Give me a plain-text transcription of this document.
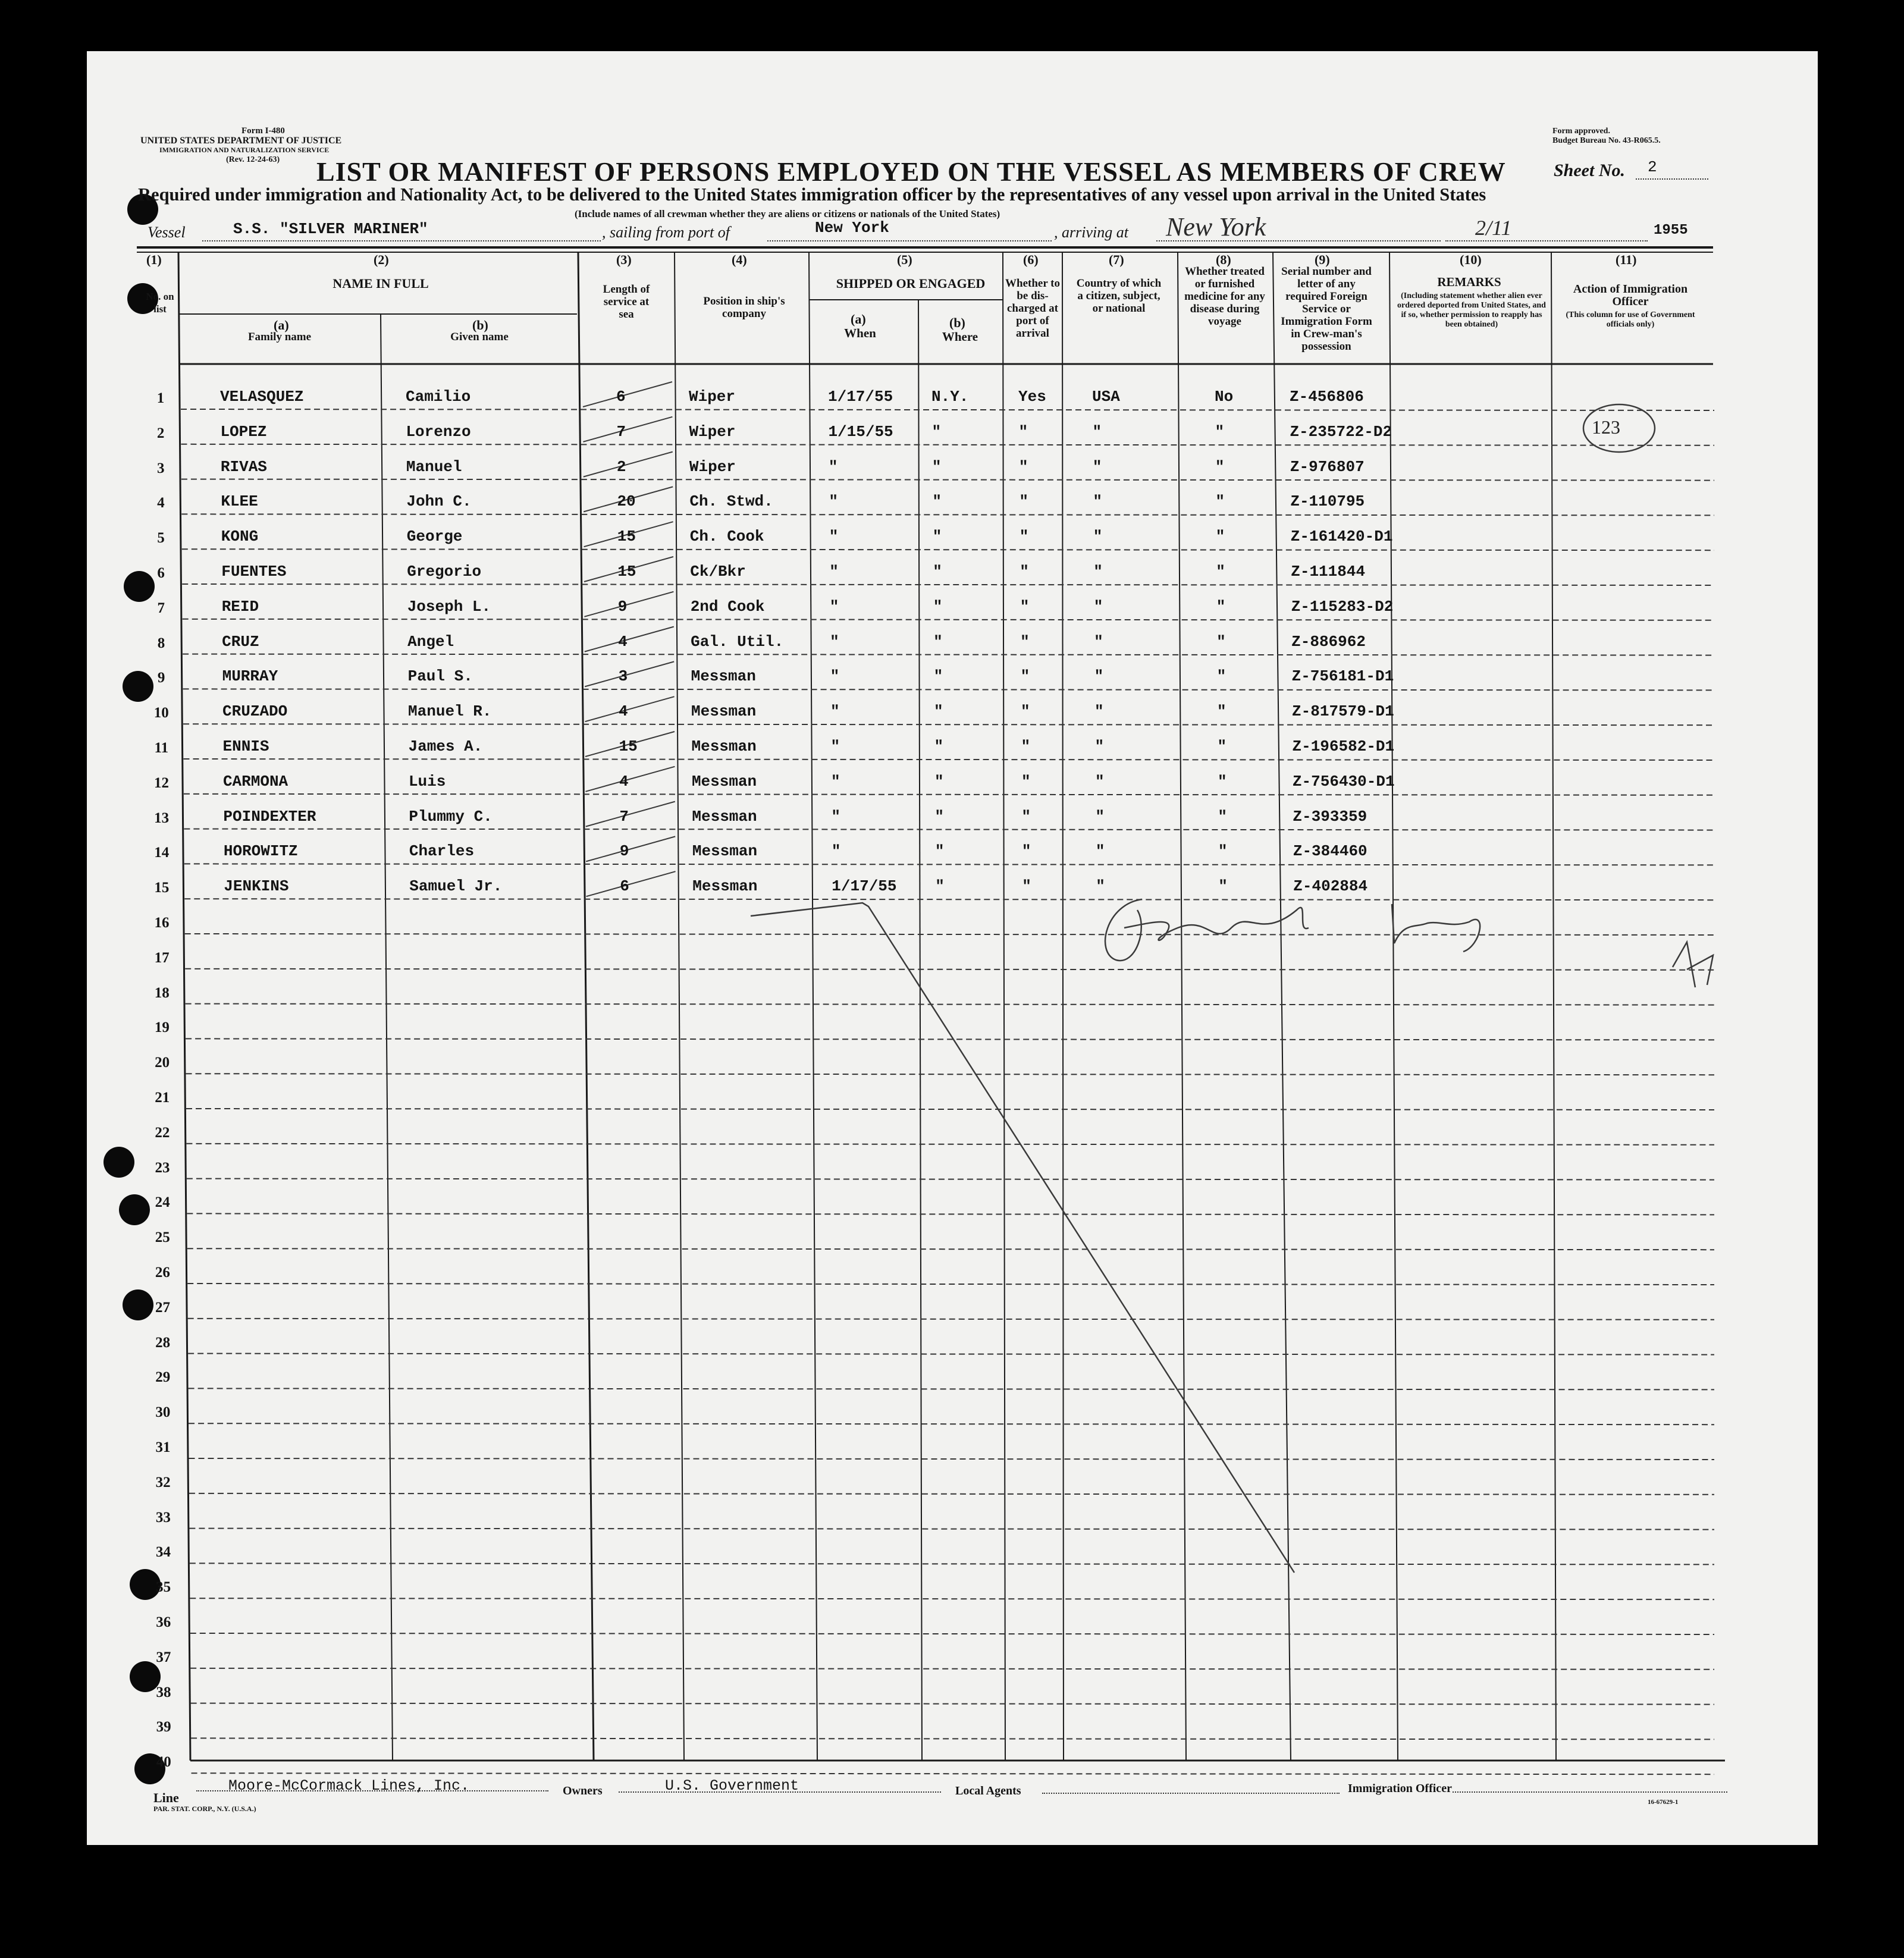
Form I-480
UNITED STATES DEPARTMENT OF JUSTICE
IMMIGRATION AND NATURALIZATION SERVICE
(Rev. 12-24-63)
Form approved.
Budget Bureau No. 43-R065.5.
LIST OR MANIFEST OF PERSONS EMPLOYED ON THE VESSEL AS MEMBERS OF CREW	Sheet No. 2
Required under immigration and Nationality Act, to be delivered to the United States immigration officer by the representatives of any vessel upon arrival in the United States
(Include names of all crewman whether they are aliens or citizens or nationals of the United States)
Vessel	S.S. "SILVER MARINER"	, sailing from port of	New York	, arriving at New York	2/11	1955
(1)
No. on list
(2)
NAME IN FULL
(a)
Family name
(b)
Given name
(3)
Length of service at sea
(4)
Position in ship's company
(5)
SHIPPED OR ENGAGED
(a)
When
(b)
Where
(6)
Whether to be dis-charged at port of arrival
(7)
Country of which a citizen, subject, or national
(8)
Whether treated or furnished medicine for any disease during voyage
(9)
Serial number and letter of any required Foreign Service or Immigration Form in Crew-man's possession
(10)
REMARKS
(Including statement whether alien ever ordered deported from United States, and if so, whether permission to reapply has been obtained)
(11)
Action of Immigration Officer
(This column for use of Government officials only)
123
1	VELASQUEZ	Camilio	6	Wiper	1/17/55 N.Y.	Yes	USA	No	Z-456806
2	LOPEZ	Lorenzo	7	Wiper	1/15/55 "	"	"	"	Z-235722-D2
3	RIVAS	Manuel	2	Wiper	"	"	"	"	"	Z-976807
4	KLEE	John C.	20	Ch. Stwd.	"	"	"	"	"	Z-110795
5	KONG	George	15	Ch. Cook	"	"	"	"	"	Z-161420-D1
6	FUENTES	Gregorio	15	Ck/Bkr	"	"	"	"	"	Z-111844
7	REID	Joseph L.	9	2nd Cook	"	"	"	"	"	Z-115283-D2
8	CRUZ	Angel	4	Gal. Util.	"	"	"	"	"	Z-886962
9	MURRAY	Paul S.	3	Messman	"	"	"	"	"	Z-756181-D1
10	CRUZADO	Manuel R.	4	Messman	"	"	"	"	"	Z-817579-D1
11	ENNIS	James A.	15	Messman	"	"	"	"	"	Z-196582-D1
12	CARMONA	Luis	4	Messman	"	"	"	"	"	Z-756430-D1
13	POINDEXTER	Plummy C.	7	Messman	"	"	"	"	"	Z-393359
14	HOROWITZ	Charles	9	Messman	"	"	"	"	"	Z-384460
15	JENKINS	Samuel Jr.	6	Messman	1/17/55 "	"	"	"	Z-402884
16
17
18
19
20
21
22
23
24
25
26
27
28
29
30
31
32
33
34
35
36
37
38
39
40
Line
Moore-McCormack Lines, Inc.	Owners	U.S. Government	Local Agents	Immigration Officer
PAR. STAT. CORP., N.Y. (U.S.A.)
16-67629-1
